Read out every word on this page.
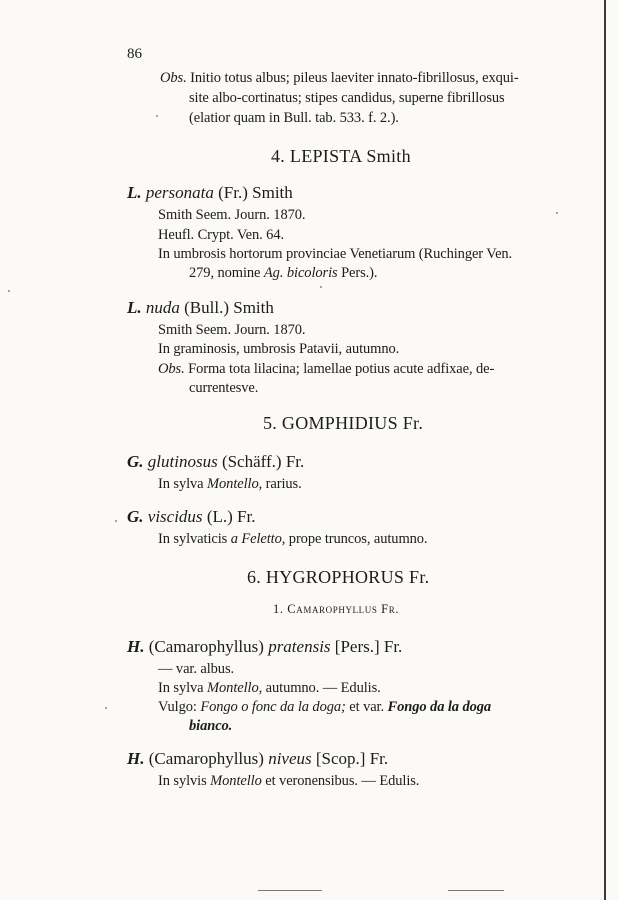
86
Obs. Initio totus albus; pileus laeviter innato-fibrillosus, exqui-
site albo-cortinatus; stipes candidus, superne fibrillosus
(elatior quam in Bull. tab. 533. f. 2.).
4. LEPISTA Smith
L. personata (Fr.) Smith
Smith Seem. Journ. 1870.
Heufl. Crypt. Ven. 64.
In umbrosis hortorum provinciae Venetiarum (Ruchinger Ven.
279, nomine Ag. bicoloris Pers.).
L. nuda (Bull.) Smith
Smith Seem. Journ. 1870.
In graminosis, umbrosis Patavii, autumno.
Obs. Forma tota lilacina; lamellae potius acute adfixae, de-
currentesve.
5. GOMPHIDIUS Fr.
G. glutinosus (Schäff.) Fr.
In sylva Montello, rarius.
G. viscidus (L.) Fr.
In sylvaticis a Feletto, prope truncos, autumno.
6. HYGROPHORUS Fr.
1. Camarophyllus Fr.
H. (Camarophyllus) pratensis [Pers.] Fr.
— var. albus.
In sylva Montello, autumno. — Edulis.
Vulgo: Fongo o fonc da la doga; et var. Fongo da la doga
bianco.
H. (Camarophyllus) niveus [Scop.] Fr.
In sylvis Montello et veronensibus. — Edulis.
